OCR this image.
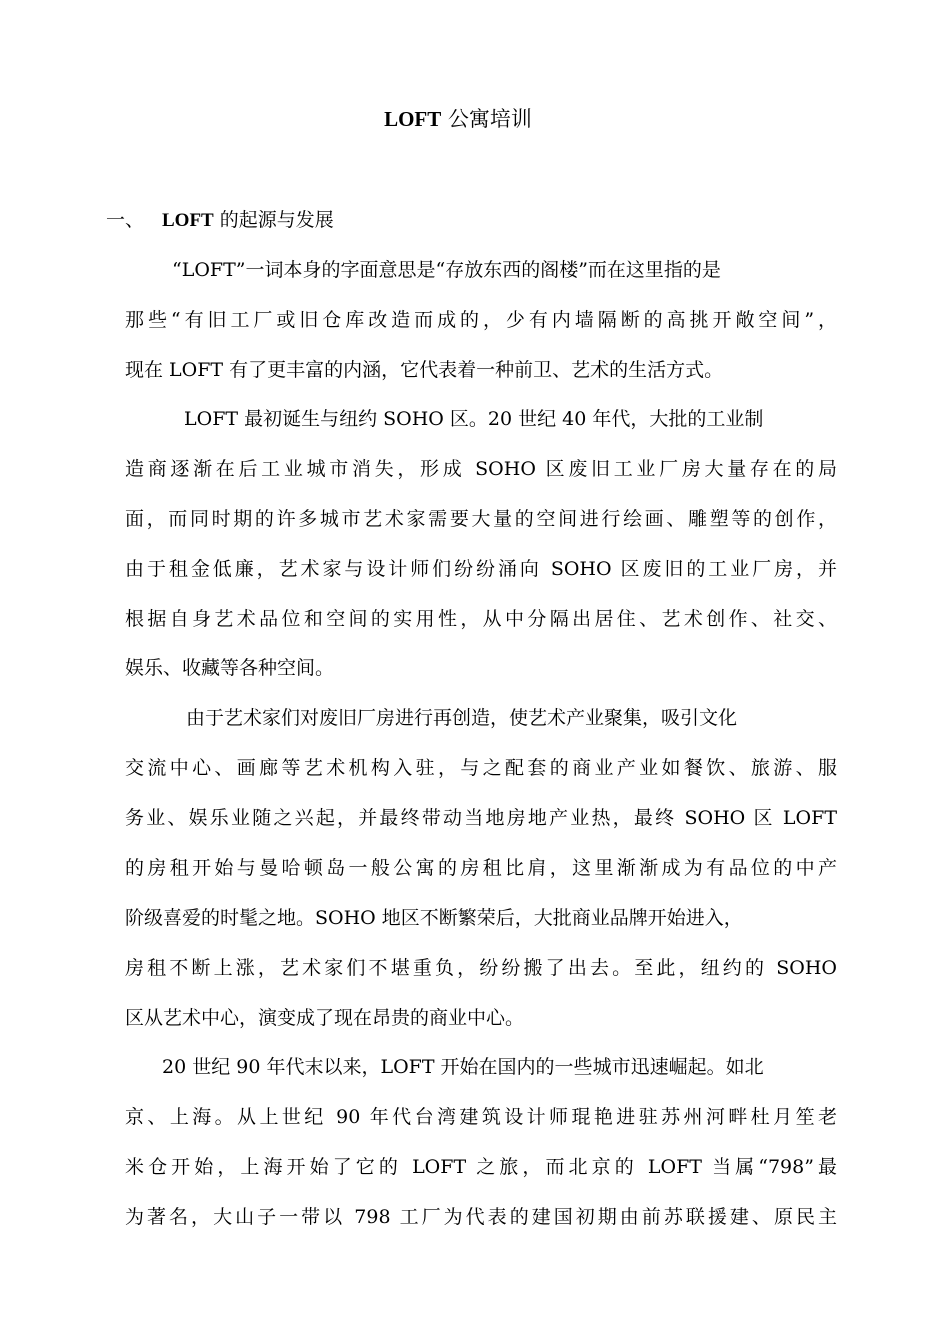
LOFT 公寓培训
一、 LOFT 的起源与发展
“LOFT”一词本身的字面意思是“存放东西的阁楼”而在这里指的是
那些“有旧工厂或旧仓库改造而成的，少有内墙隔断的高挑开敞空间”，
现在 LOFT 有了更丰富的内涵，它代表着一种前卫、艺术的生活方式。
LOFT 最初诞生与纽约 SOHO 区。20 世纪 40 年代，大批的工业制
造商逐渐在后工业城市消失，形成 SOHO 区废旧工业厂房大量存在的局
面，而同时期的许多城市艺术家需要大量的空间进行绘画、雕塑等的创作，
由于租金低廉，艺术家与设计师们纷纷涌向 SOHO 区废旧的工业厂房，并
根据自身艺术品位和空间的实用性，从中分隔出居住、艺术创作、社交、
娱乐、收藏等各种空间。
由于艺术家们对废旧厂房进行再创造，使艺术产业聚集，吸引文化
交流中心、画廊等艺术机构入驻，与之配套的商业产业如餐饮、旅游、服
务业、娱乐业随之兴起，并最终带动当地房地产业热，最终 SOHO 区 LOFT
的房租开始与曼哈顿岛一般公寓的房租比肩，这里渐渐成为有品位的中产
阶级喜爱的时髦之地。SOHO 地区不断繁荣后，大批商业品牌开始进入，
房租不断上涨，艺术家们不堪重负，纷纷搬了出去。至此，纽约的 SOHO
区从艺术中心，演变成了现在昂贵的商业中心。
20 世纪 90 年代末以来，LOFT 开始在国内的一些城市迅速崛起。如北
京、上海。从上世纪 90 年代台湾建筑设计师琨艳进驻苏州河畔杜月笙老
米仓开始，上海开始了它的 LOFT 之旅，而北京的 LOFT 当属“798”最
为著名，大山子一带以 798 工厂为代表的建国初期由前苏联援建、原民主
